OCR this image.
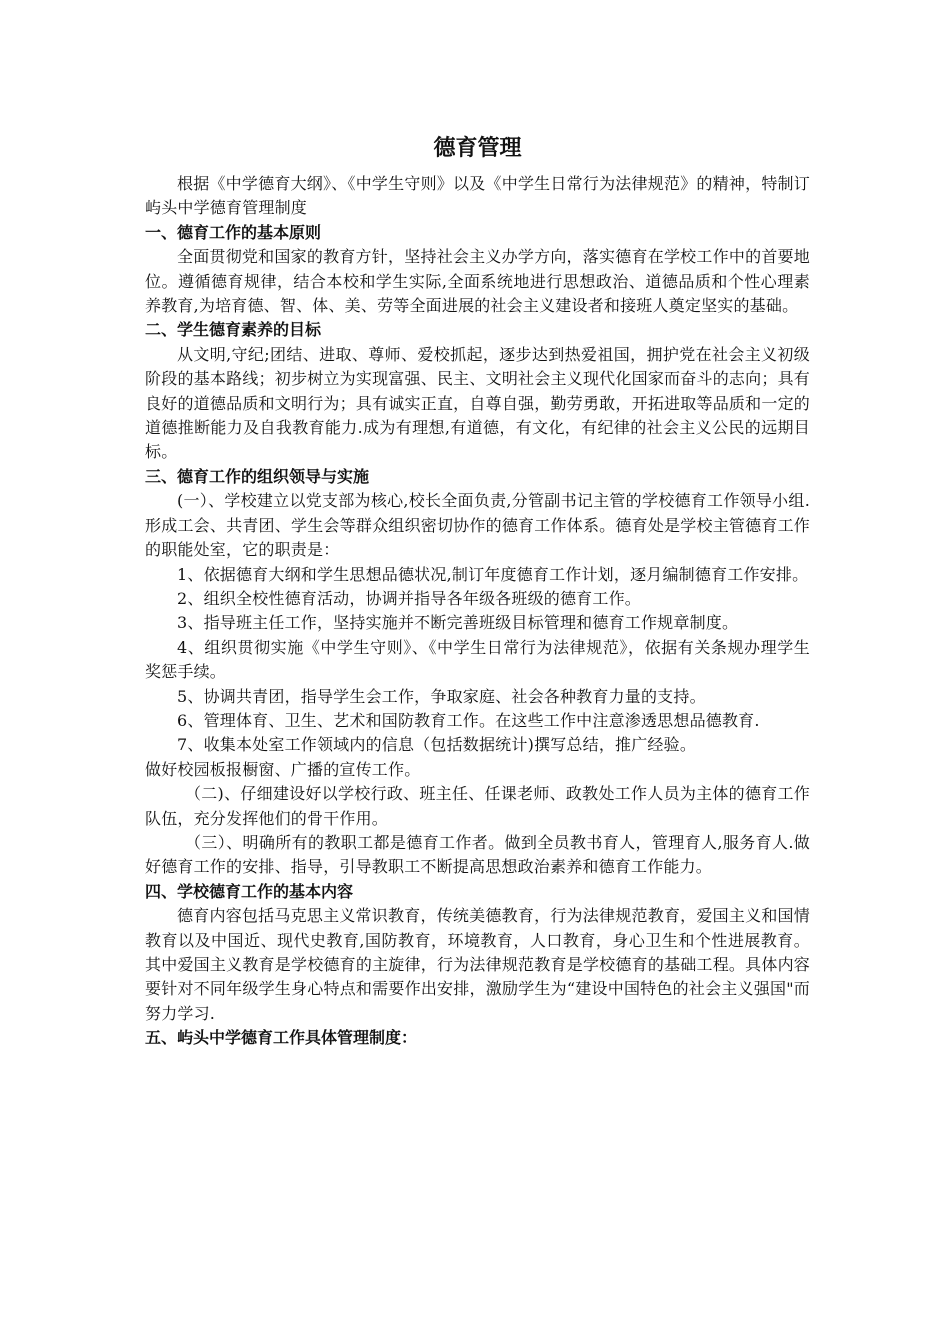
德育管理

根据《中学德育大纲》、《中学生守则》以及《中学生日常行为法律规范》的精神，特制订屿头中学德育管理制度

一、德育工作的基本原则

全面贯彻党和国家的教育方针，坚持社会主义办学方向，落实德育在学校工作中的首要地位。遵循德育规律，结合本校和学生实际,全面系统地进行思想政治、道德品质和个性心理素养教育,为培育德、智、体、美、劳等全面进展的社会主义建设者和接班人奠定坚实的基础。

二、学生德育素养的目标

从文明,守纪;团结、进取、尊师、爱校抓起，逐步达到热爱祖国，拥护党在社会主义初级阶段的基本路线；初步树立为实现富强、民主、文明社会主义现代化国家而奋斗的志向；具有良好的道德品质和文明行为；具有诚实正直，自尊自强，勤劳勇敢，开拓进取等品质和一定的道德推断能力及自我教育能力.成为有理想,有道德，有文化，有纪律的社会主义公民的远期目标。

三、德育工作的组织领导与实施

(一）、学校建立以党支部为核心,校长全面负责,分管副书记主管的学校德育工作领导小组.形成工会、共青团、学生会等群众组织密切协作的德育工作体系。德育处是学校主管德育工作的职能处室，它的职责是：

1、依据德育大纲和学生思想品德状况,制订年度德育工作计划，逐月编制德育工作安排。

2、组织全校性德育活动，协调并指导各年级各班级的德育工作。

3、指导班主任工作，坚持实施并不断完善班级目标管理和德育工作规章制度。

4、组织贯彻实施《中学生守则》、《中学生日常行为法律规范》，依据有关条规办理学生奖惩手续。

5、协调共青团，指导学生会工作，争取家庭、社会各种教育力量的支持。

6、管理体育、卫生、艺术和国防教育工作。在这些工作中注意渗透思想品德教育.

7、收集本处室工作领域内的信息（包括数据统计)撰写总结，推广经验。

做好校园板报橱窗、广播的宣传工作。

（二)、仔细建设好以学校行政、班主任、任课老师、政教处工作人员为主体的德育工作队伍，充分发挥他们的骨干作用。

（三）、明确所有的教职工都是德育工作者。做到全员教书育人，管理育人,服务育人.做好德育工作的安排、指导，引导教职工不断提高思想政治素养和德育工作能力。

四、学校德育工作的基本内容

德育内容包括马克思主义常识教育，传统美德教育，行为法律规范教育，爱国主义和国情教育以及中国近、现代史教育,国防教育，环境教育，人口教育，身心卫生和个性进展教育。其中爱国主义教育是学校德育的主旋律，行为法律规范教育是学校德育的基础工程。具体内容要针对不同年级学生身心特点和需要作出安排，激励学生为“建设中国特色的社会主义强国"而努力学习.

五、屿头中学德育工作具体管理制度：
